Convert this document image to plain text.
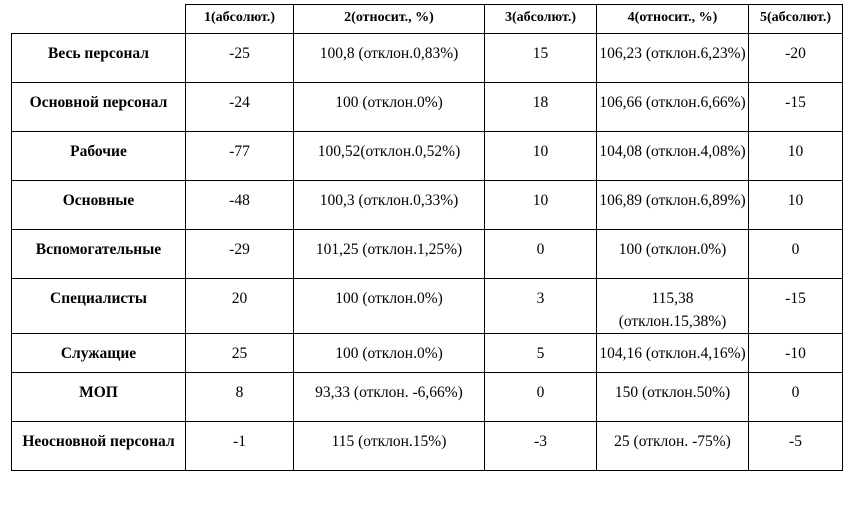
	1(абсолют.)	2(относит., %)	3(абсолют.)	4(относит., %)	5(абсолют.)
Весь персонал	-25	100,8 (отклон.0,83%)	15	106,23 (отклон.6,23%)	-20
Основной персонал	-24	100 (отклон.0%)	18	106,66 (отклон.6,66%)	-15
Рабочие	-77	100,52(отклон.0,52%)	10	104,08 (отклон.4,08%)	10
Основные	-48	100,3 (отклон.0,33%)	10	106,89 (отклон.6,89%)	10
Вспомогательные	-29	101,25 (отклон.1,25%)	0	100 (отклон.0%)	0
Специалисты	20	100 (отклон.0%)	3	115,38 (отклон.15,38%)	-15
Служащие	25	100 (отклон.0%)	5	104,16 (отклон.4,16%)	-10
МОП	8	93,33 (отклон. -6,66%)	0	150 (отклон.50%)	0
Неосновной персонал	-1	115 (отклон.15%)	-3	25 (отклон. -75%)	-5
